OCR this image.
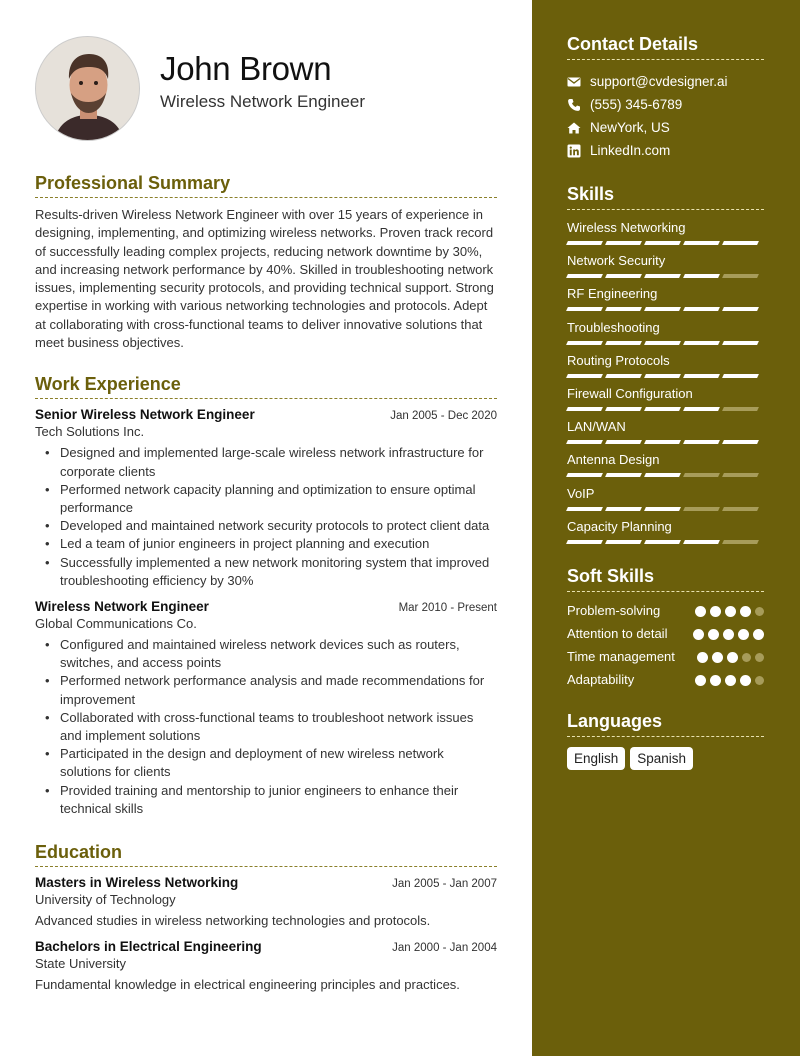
John Brown
Wireless Network Engineer
Professional Summary
Results-driven Wireless Network Engineer with over 15 years of experience in designing, implementing, and optimizing wireless networks. Proven track record of successfully leading complex projects, reducing network downtime by 30%, and increasing network performance by 40%. Skilled in troubleshooting network issues, implementing security protocols, and providing technical support. Strong expertise in working with various networking technologies and protocols. Adept at collaborating with cross-functional teams to deliver innovative solutions that meet business objectives.
Work Experience
Senior Wireless Network Engineer	Jan 2005 - Dec 2020
Tech Solutions Inc.
• Designed and implemented large-scale wireless network infrastructure for corporate clients
• Performed network capacity planning and optimization to ensure optimal performance
• Developed and maintained network security protocols to protect client data
• Led a team of junior engineers in project planning and execution
• Successfully implemented a new network monitoring system that improved troubleshooting efficiency by 30%
Wireless Network Engineer	Mar 2010 - Present
Global Communications Co.
• Configured and maintained wireless network devices such as routers, switches, and access points
• Performed network performance analysis and made recommendations for improvement
• Collaborated with cross-functional teams to troubleshoot network issues and implement solutions
• Participated in the design and deployment of new wireless network solutions for clients
• Provided training and mentorship to junior engineers to enhance their technical skills
Education
Masters in Wireless Networking	Jan 2005 - Jan 2007
University of Technology
Advanced studies in wireless networking technologies and protocols.
Bachelors in Electrical Engineering	Jan 2000 - Jan 2004
State University
Fundamental knowledge in electrical engineering principles and practices.
Contact Details
support@cvdesigner.ai
(555) 345-6789
NewYork, US
LinkedIn.com
Skills
Wireless Networking
Network Security
RF Engineering
Troubleshooting
Routing Protocols
Firewall Configuration
LAN/WAN
Antenna Design
VoIP
Capacity Planning
Soft Skills
Problem-solving
Attention to detail
Time management
Adaptability
Languages
English	Spanish
